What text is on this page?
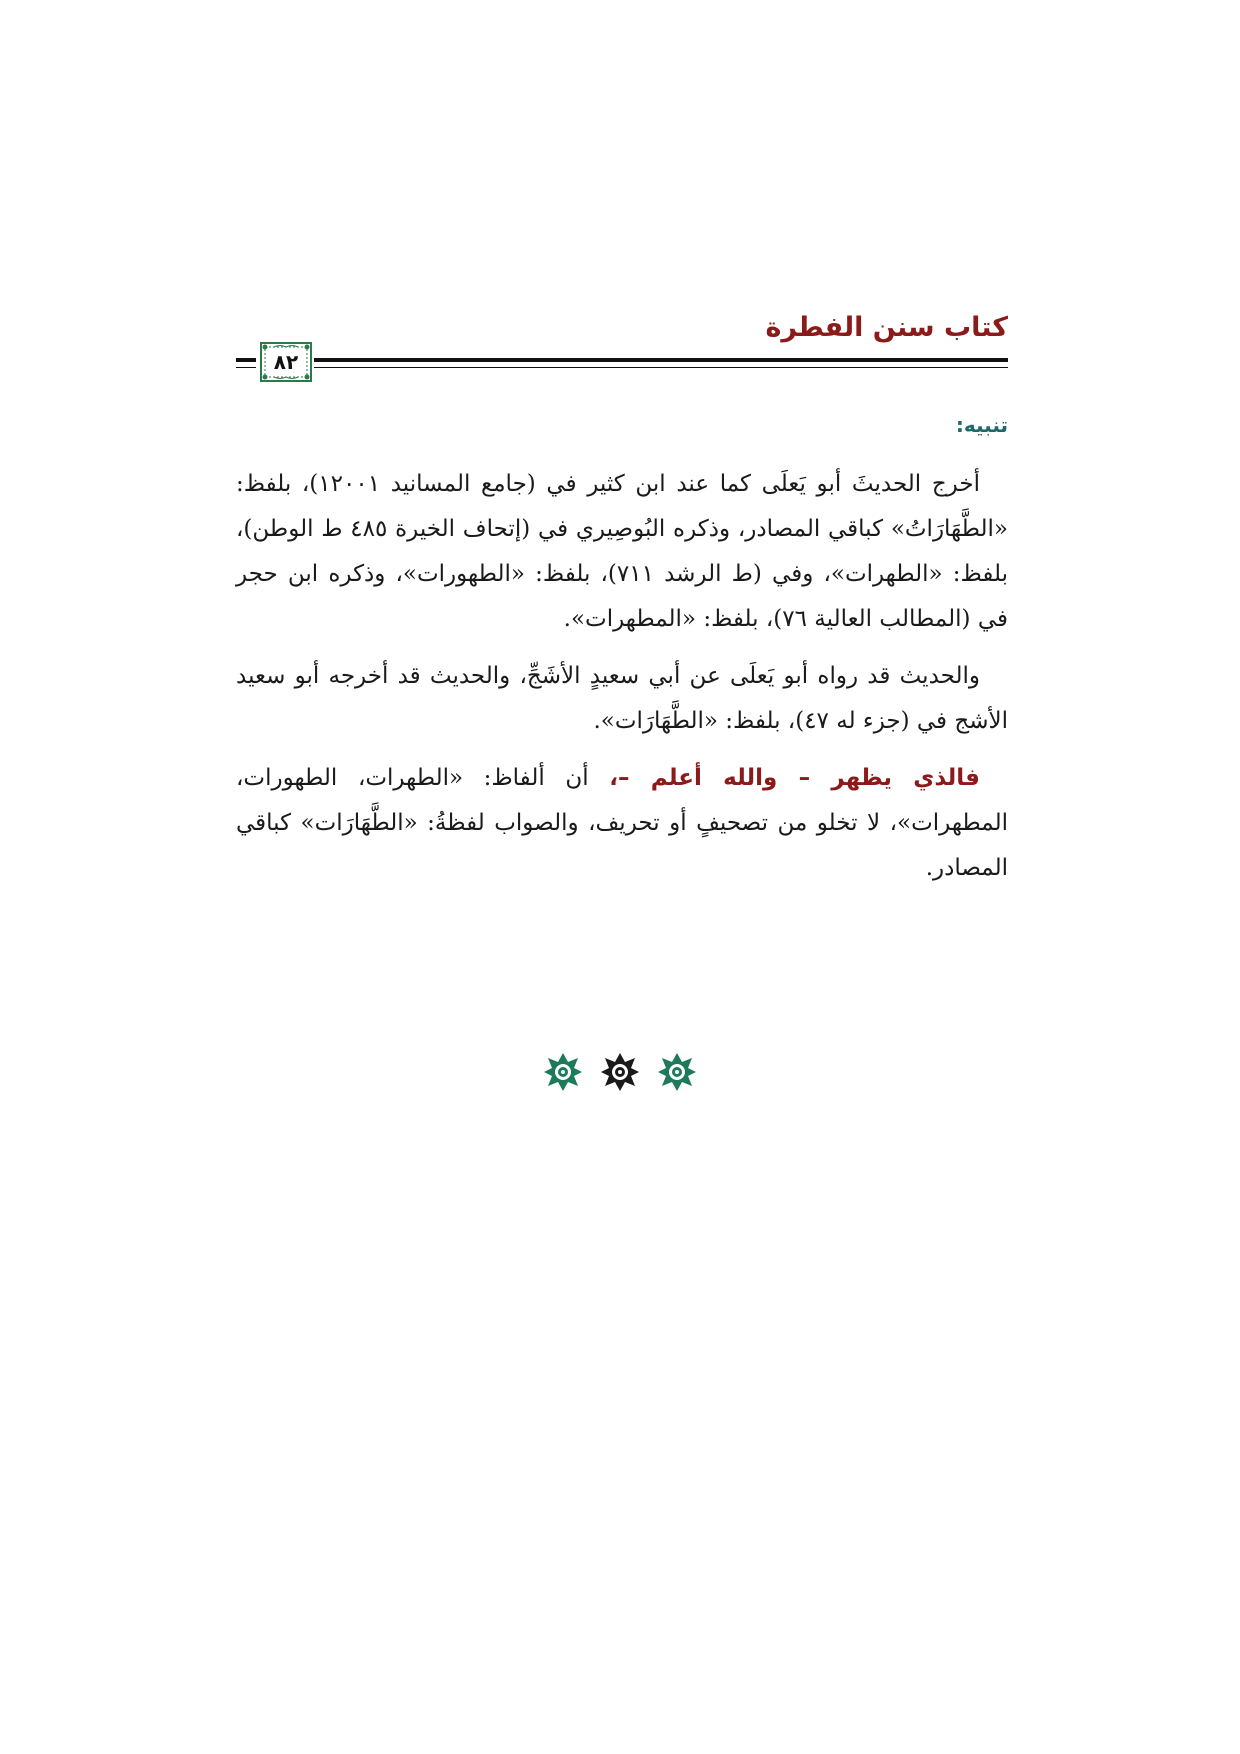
كتاب سنن الفطرة
٨٢
تنبيه:

أخرج الحديثَ أبو يَعلَى كما عند ابن كثير في (جامع المسانيد ١٢٠٠١)، بلفظ: «الطَّهَارَاتُ» كباقي المصادر، وذكره البُوصِيري في (إتحاف الخيرة ٤٨٥ ط الوطن)، بلفظ: «الطهرات»، وفي (ط الرشد ٧١١)، بلفظ: «الطهورات»، وذكره ابن حجر في (المطالب العالية ٧٦)، بلفظ: «المطهرات».

والحديث قد رواه أبو يَعلَى عن أبي سعيدٍ الأشَجِّ، والحديث قد أخرجه أبو سعيد الأشج في (جزء له ٤٧)، بلفظ: «الطَّهَارَات».

فالذي يظهر – والله أعلم –، أن ألفاظ: «الطهرات، الطهورات، المطهرات»، لا تخلو من تصحيفٍ أو تحريف، والصواب لفظةُ: «الطَّهَارَات» كباقي المصادر.
